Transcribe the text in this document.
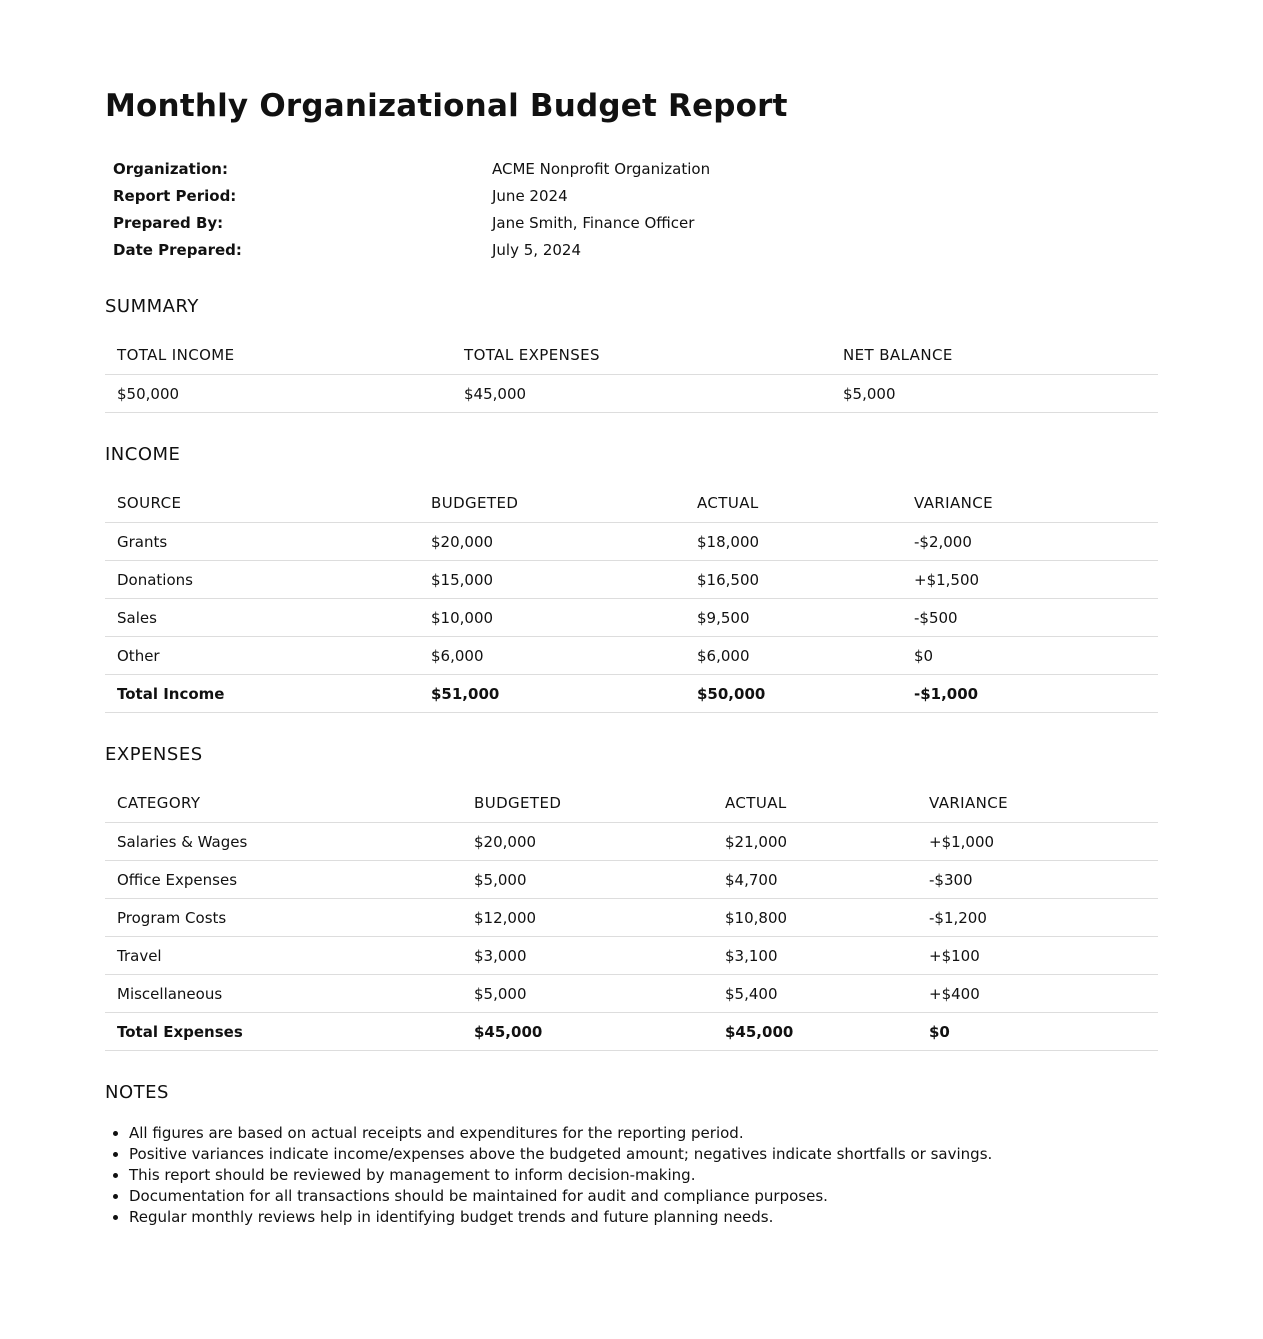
Monthly Organizational Budget Report
Organization:	ACME Nonprofit Organization
Report Period:	June 2024
Prepared By:	Jane Smith, Finance Officer
Date Prepared:	July 5, 2024
SUMMARY
TOTAL INCOME	TOTAL EXPENSES	NET BALANCE
$50,000	$45,000	$5,000
INCOME
SOURCE	BUDGETED	ACTUAL	VARIANCE
Grants	$20,000	$18,000	-$2,000
Donations	$15,000	$16,500	+$1,500
Sales	$10,000	$9,500	-$500
Other	$6,000	$6,000	$0
Total Income	$51,000	$50,000	-$1,000
EXPENSES
CATEGORY	BUDGETED	ACTUAL	VARIANCE
Salaries & Wages	$20,000	$21,000	+$1,000
Office Expenses	$5,000	$4,700	-$300
Program Costs	$12,000	$10,800	-$1,200
Travel	$3,000	$3,100	+$100
Miscellaneous	$5,000	$5,400	+$400
Total Expenses	$45,000	$45,000	$0
NOTES
• All figures are based on actual receipts and expenditures for the reporting period.
• Positive variances indicate income/expenses above the budgeted amount; negatives indicate shortfalls or savings.
• This report should be reviewed by management to inform decision-making.
• Documentation for all transactions should be maintained for audit and compliance purposes.
• Regular monthly reviews help in identifying budget trends and future planning needs.
